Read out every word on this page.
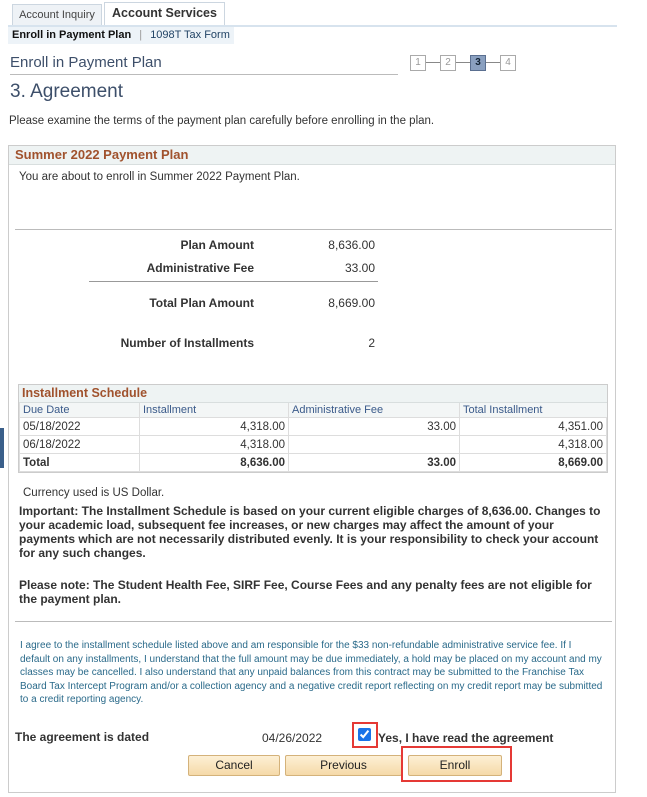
Account Inquiry	Account Services
Enroll in Payment Plan | 1098T Tax Form
Enroll in Payment Plan	1	2	3	4
3. Agreement
Please examine the terms of the payment plan carefully before enrolling in the plan.
Summer 2022 Payment Plan
You are about to enroll in Summer 2022 Payment Plan.
Plan Amount	8,636.00
Administrative Fee	33.00
Total Plan Amount	8,669.00
Number of Installments	2
Installment Schedule
Due Date	Installment	Administrative Fee	Total Installment
05/18/2022	4,318.00	33.00	4,351.00
06/18/2022	4,318.00		4,318.00
Total	8,636.00	33.00	8,669.00
Currency used is US Dollar.
Important: The Installment Schedule is based on your current eligible charges of 8,636.00. Changes to your academic load, subsequent fee increases, or new charges may affect the amount of your payments which are not necessarily distributed evenly. It is your responsibility to check your account for any such changes.
Please note: The Student Health Fee, SIRF Fee, Course Fees and any penalty fees are not eligible for the payment plan.
I agree to the installment schedule listed above and am responsible for the $33 non-refundable administrative service fee. If I default on any installments, I understand that the full amount may be due immediately, a hold may be placed on my account and my classes may be cancelled. I also understand that any unpaid balances from this contract may be submitted to the Franchise Tax Board Tax Intercept Program and/or a collection agency and a negative credit report reflecting on my credit report may be submitted to a credit reporting agency.
The agreement is dated	04/26/2022	Yes, I have read the agreement
Cancel	Previous	Enroll
